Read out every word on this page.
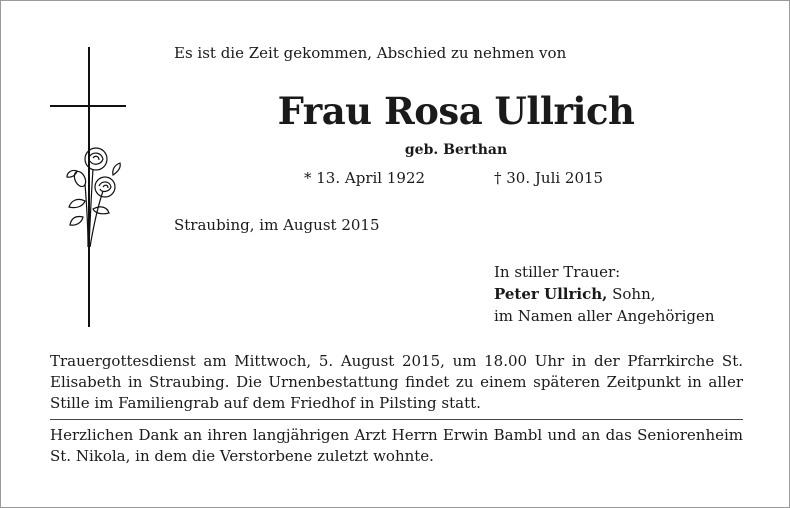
Es ist die Zeit gekommen, Abschied zu nehmen von
Frau Rosa Ullrich
geb. Berthan
* 13. April 1922	† 30. Juli 2015
Straubing, im August 2015
In stiller Trauer:
Peter Ullrich, Sohn,
im Namen aller Angehörigen
Trauergottesdienst am Mittwoch, 5. August 2015, um 18.00 Uhr in der Pfarrkirche St. Elisabeth in Straubing. Die Urnenbestattung findet zu einem späteren Zeitpunkt in aller Stille im Familiengrab auf dem Friedhof in Pilsting statt.
Herzlichen Dank an ihren langjährigen Arzt Herrn Erwin Bambl und an das Seniorenheim St. Nikola, in dem die Verstorbene zuletzt wohnte.
